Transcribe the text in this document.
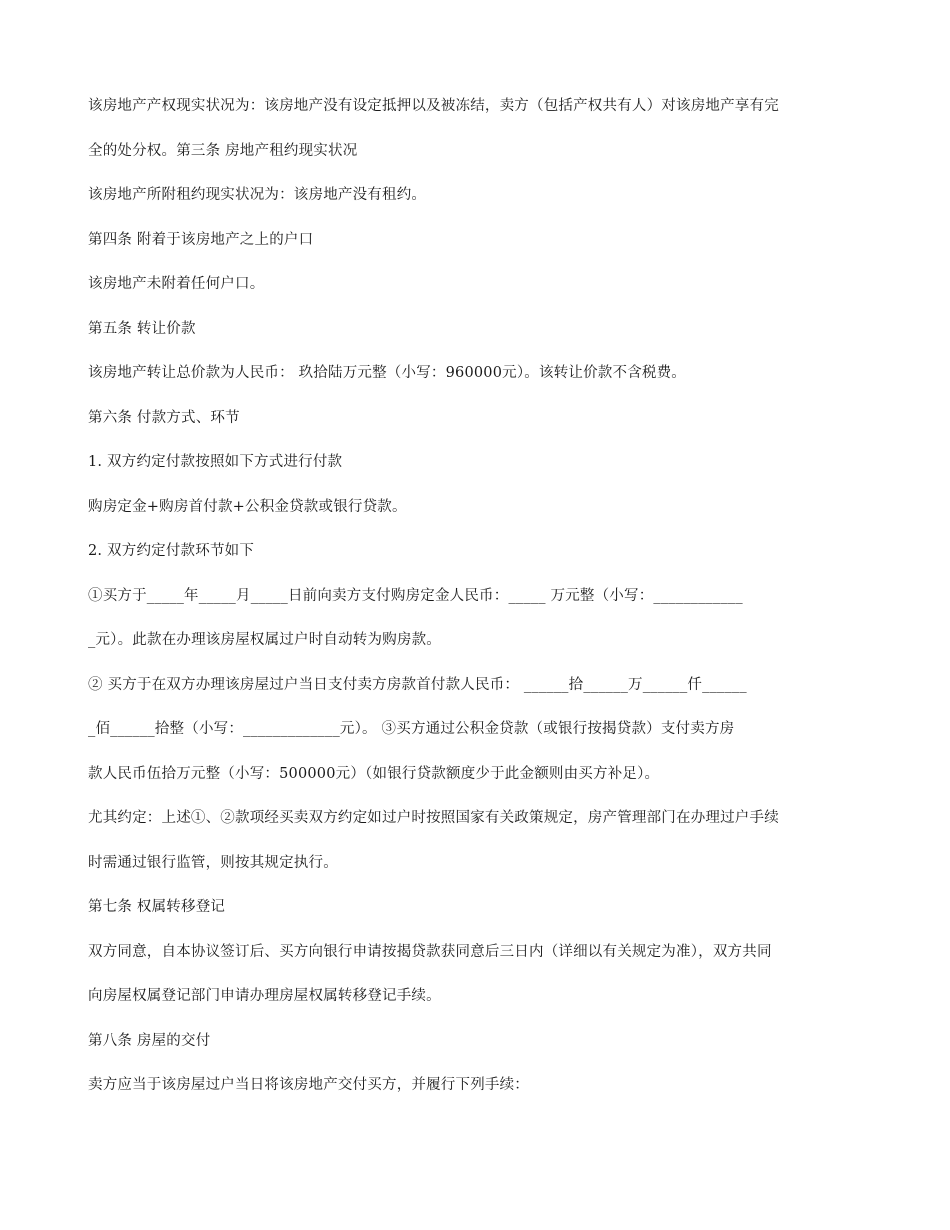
该房地产产权现实状况为：该房地产没有设定抵押以及被冻结，卖方（包括产权共有人）对该房地产享有完
全的处分权。第三条 房地产租约现实状况
该房地产所附租约现实状况为：该房地产没有租约。
第四条 附着于该房地产之上的户口
该房地产未附着任何户口。
第五条 转让价款
该房地产转让总价款为人民币： 玖拾陆万元整（小写：960000元）。该转让价款不含税费。
第六条 付款方式、环节
1. 双方约定付款按照如下方式进行付款
购房定金+购房首付款+公积金贷款或银行贷款。
2. 双方约定付款环节如下
①买方于_____年_____月_____日前向卖方支付购房定金人民币：_____ 万元整（小写：____________
_元）。此款在办理该房屋权属过户时自动转为购房款。
② 买方于在双方办理该房屋过户当日支付卖方房款首付款人民币： ______拾______万______仟______
_佰______拾整（小写：_____________元）。 ③买方通过公积金贷款（或银行按揭贷款）支付卖方房
款人民币伍拾万元整（小写：500000元）（如银行贷款额度少于此金额则由买方补足）。
尤其约定：上述①、②款项经买卖双方约定如过户时按照国家有关政策规定，房产管理部门在办理过户手续
时需通过银行监管，则按其规定执行。
第七条 权属转移登记
双方同意，自本协议签订后、买方向银行申请按揭贷款获同意后三日内（详细以有关规定为准），双方共同
向房屋权属登记部门申请办理房屋权属转移登记手续。
第八条 房屋的交付
卖方应当于该房屋过户当日将该房地产交付买方，并履行下列手续：
